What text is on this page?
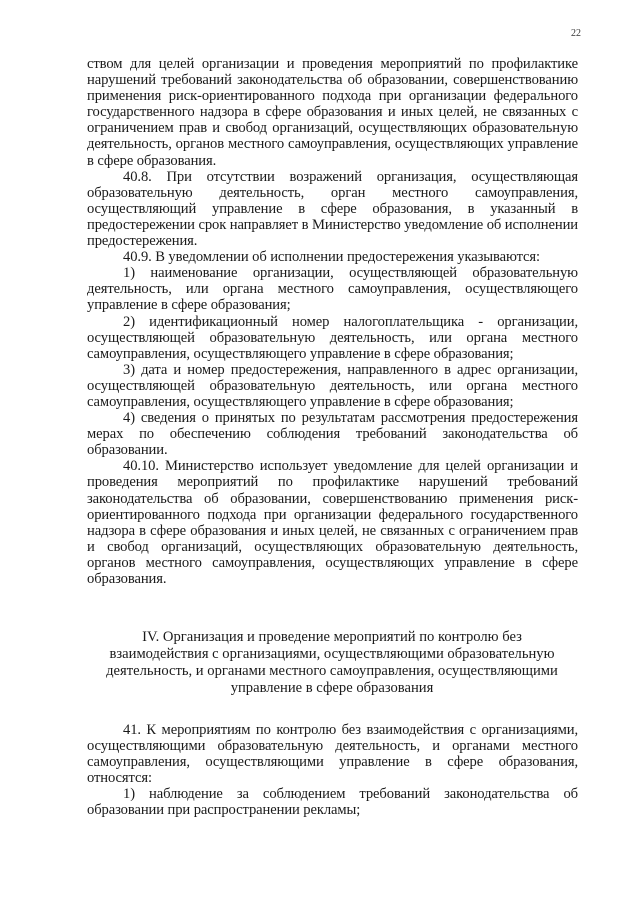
22

ством для целей организации и проведения мероприятий по профилактике нарушений требований законодательства об образовании, совершенствованию применения риск-ориентированного подхода при организации федерального государственного надзора в сфере образования и иных целей, не связанных с ограничением прав и свобод организаций, осуществляющих образовательную деятельность, органов местного самоуправления, осуществляющих управление в сфере образования.

40.8. При отсутствии возражений организация, осуществляющая образовательную деятельность, орган местного самоуправления, осуществляющий управление в сфере образования, в указанный в предостережении срок направляет в Министерство уведомление об исполнении предостережения.

40.9. В уведомлении об исполнении предостережения указываются:

1) наименование организации, осуществляющей образовательную деятельность, или органа местного самоуправления, осуществляющего управление в сфере образования;

2) идентификационный номер налогоплательщика - организации, осуществляющей образовательную деятельность, или органа местного самоуправления, осуществляющего управление в сфере образования;

3) дата и номер предостережения, направленного в адрес организации, осуществляющей образовательную деятельность, или органа местного самоуправления, осуществляющего управление в сфере образования;

4) сведения о принятых по результатам рассмотрения предостережения мерах по обеспечению соблюдения требований законодательства об образовании.

40.10. Министерство использует уведомление для целей организации и проведения мероприятий по профилактике нарушений требований законодательства об образовании, совершенствованию применения риск-ориентированного подхода при организации федерального государственного надзора в сфере образования и иных целей, не связанных с ограничением прав и свобод организаций, осуществляющих образовательную деятельность, органов местного самоуправления, осуществляющих управление в сфере образования.

IV. Организация и проведение мероприятий по контролю без взаимодействия с организациями, осуществляющими образовательную деятельность, и органами местного самоуправления, осуществляющими управление в сфере образования

41. К мероприятиям по контролю без взаимодействия с организациями, осуществляющими образовательную деятельность, и органами местного самоуправления, осуществляющими управление в сфере образования, относятся:

1) наблюдение за соблюдением требований законодательства об образовании при распространении рекламы;
